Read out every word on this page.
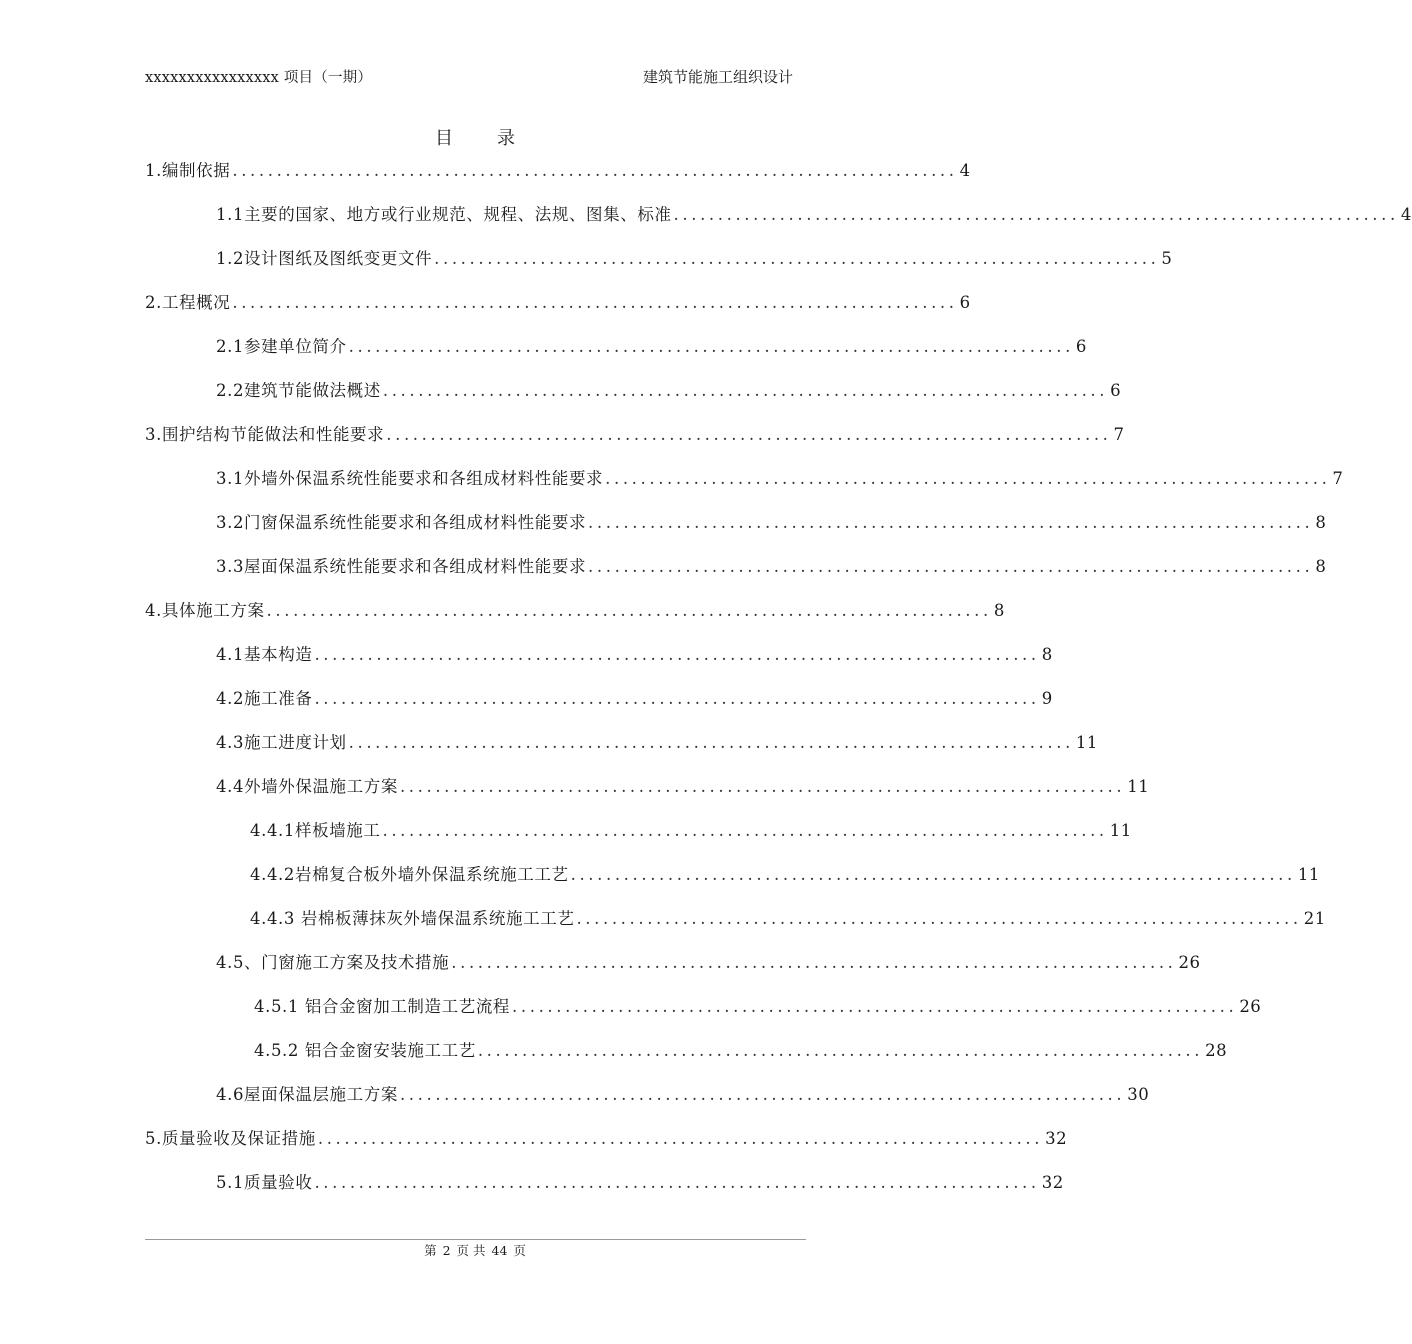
xxxxxxxxxxxxxxxx 项目（一期）	建筑节能施工组织设计
目录
1.编制依据 .................................................................................. 4
1.1主要的国家、地方或行业规范、规程、法规、图集、标准 .................................................................................. 4
1.2设计图纸及图纸变更文件 .................................................................................. 5
2.工程概况 .................................................................................. 6
2.1参建单位简介 .................................................................................. 6
2.2建筑节能做法概述 .................................................................................. 6
3.围护结构节能做法和性能要求 .................................................................................. 7
3.1外墙外保温系统性能要求和各组成材料性能要求 .................................................................................. 7
3.2门窗保温系统性能要求和各组成材料性能要求 .................................................................................. 8
3.3屋面保温系统性能要求和各组成材料性能要求 .................................................................................. 8
4.具体施工方案 .................................................................................. 8
4.1基本构造 .................................................................................. 8
4.2施工准备 .................................................................................. 9
4.3施工进度计划 .................................................................................. 11
4.4外墙外保温施工方案 .................................................................................. 11
4.4.1样板墙施工 .................................................................................. 11
4.4.2岩棉复合板外墙外保温系统施工工艺 .................................................................................. 11
4.4.3 岩棉板薄抹灰外墙保温系统施工工艺 .................................................................................. 21
4.5、门窗施工方案及技术措施 .................................................................................. 26
4.5.1 铝合金窗加工制造工艺流程 .................................................................................. 26
4.5.2 铝合金窗安装施工工艺 .................................................................................. 28
4.6屋面保温层施工方案 .................................................................................. 30
5.质量验收及保证措施 .................................................................................. 32
5.1质量验收 .................................................................................. 32
第 2 页 共 44 页
